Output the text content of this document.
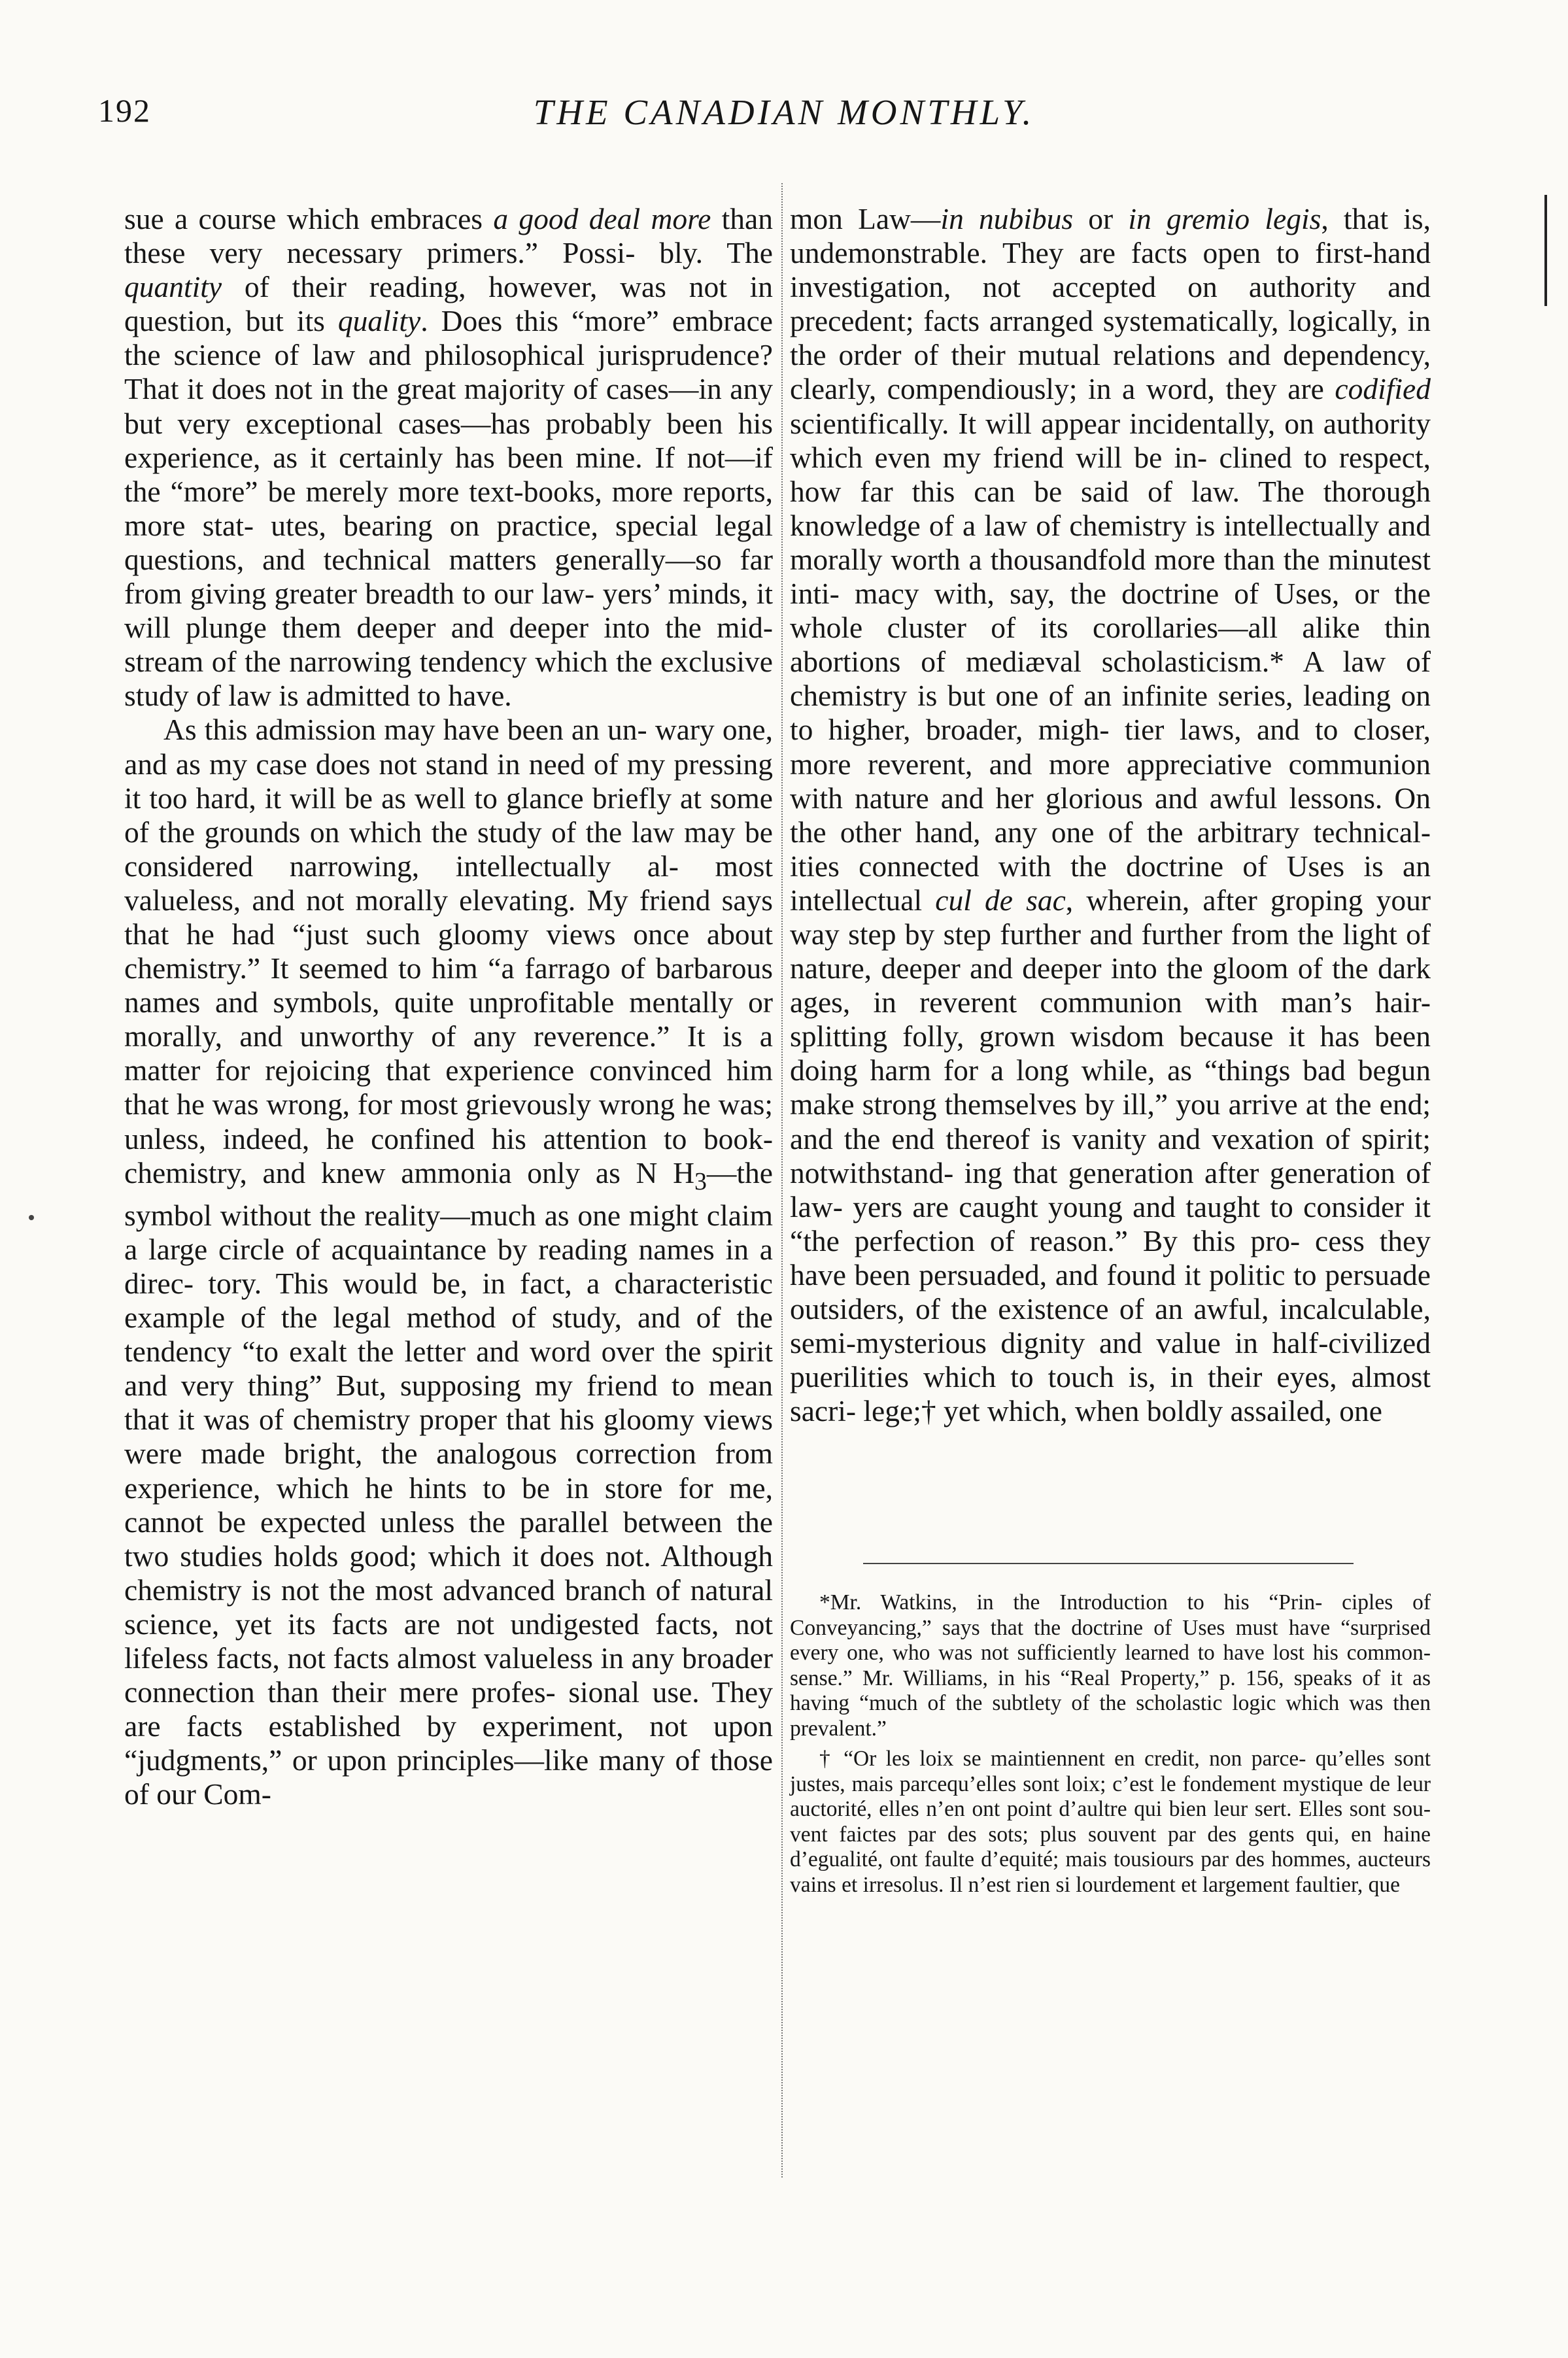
192	THE CANADIAN MONTHLY.

sue a course which embraces a good deal more than these very necessary primers.” Possi- bly. The quantity of their reading, however, was not in question, but its quality. Does this “more” embrace the science of law and philosophical jurisprudence? That it does not in the great majority of cases—in any but very exceptional cases—has probably been his experience, as it certainly has been mine. If not—if the “more” be merely more text-books, more reports, more stat- utes, bearing on practice, special legal questions, and technical matters generally—so far from giving greater breadth to our law- yers’ minds, it will plunge them deeper and deeper into the mid-stream of the narrowing tendency which the exclusive study of law is admitted to have.

As this admission may have been an un- wary one, and as my case does not stand in need of my pressing it too hard, it will be as well to glance briefly at some of the grounds on which the study of the law may be considered narrowing, intellectually al- most valueless, and not morally elevating. My friend says that he had “just such gloomy views once about chemistry.” It seemed to him “a farrago of barbarous names and symbols, quite unprofitable mentally or morally, and unworthy of any reverence.” It is a matter for rejoicing that experience convinced him that he was wrong, for most grievously wrong he was; unless, indeed, he confined his attention to book-chemistry, and knew ammonia only as N $H_3—the$ symbol without the reality—much as one might claim a large circle of acquaintance by reading names in a direc- tory. This would be, in fact, a characteristic example of the legal method of study, and of the tendency “to exalt the letter and word over the spirit and very thing” But, supposing my friend to mean that it was of chemistry proper that his gloomy views were made bright, the analogous correction from experience, which he hints to be in store for me, cannot be expected unless the parallel between the two studies holds good; which it does not. Although chemistry is not the most advanced branch of natural science, yet its facts are not undigested facts, not lifeless facts, not facts almost valueless in any broader connection than their mere profes- sional use. They are facts established by experiment, not upon “judgments,” or upon principles—like many of those of our Com-

mon Law—in nubibus or in gremio legis, that is, undemonstrable. They are facts open to first-hand investigation, not accepted on authority and precedent; facts arranged systematically, logically, in the order of their mutual relations and dependency, clearly, compendiously; in a word, they are codified scientifically. It will appear incidentally, on authority which even my friend will be in- clined to respect, how far this can be said of law. The thorough knowledge of a law of chemistry is intellectually and morally worth a thousandfold more than the minutest inti- macy with, say, the doctrine of Uses, or the whole cluster of its corollaries—all alike thin abortions of mediæval scholasticism.* A law of chemistry is but one of an infinite series, leading on to higher, broader, migh- tier laws, and to closer, more reverent, and more appreciative communion with nature and her glorious and awful lessons. On the other hand, any one of the arbitrary technical- ities connected with the doctrine of Uses is an intellectual cul de sac, wherein, after groping your way step by step further and further from the light of nature, deeper and deeper into the gloom of the dark ages, in reverent communion with man’s hair-splitting folly, grown wisdom because it has been doing harm for a long while, as “things bad begun make strong themselves by ill,” you arrive at the end; and the end thereof is vanity and vexation of spirit; notwithstand- ing that generation after generation of law- yers are caught young and taught to consider it “the perfection of reason.” By this pro- cess they have been persuaded, and found it politic to persuade outsiders, of the existence of an awful, incalculable, semi-mysterious dignity and value in half-civilized puerilities which to touch is, in their eyes, almost sacri- lege;† yet which, when boldly assailed, one

*Mr. Watkins, in the Introduction to his “Prin- ciples of Conveyancing,” says that the doctrine of Uses must have “surprised every one, who was not sufficiently learned to have lost his common-sense.” Mr. Williams, in his “Real Property,” p. 156, speaks of it as having “much of the subtlety of the scholastic logic which was then prevalent.”

† “Or les loix se maintiennent en credit, non parce- qu’elles sont justes, mais parcequ’elles sont loix; c’est le fondement mystique de leur auctorité, elles n’en ont point d’aultre qui bien leur sert. Elles sont sou- vent faictes par des sots; plus souvent par des gents qui, en haine d’egualité, ont faulte d’equité; mais tousiours par des hommes, aucteurs vains et irresolus. Il n’est rien si lourdement et largement faultier, que
